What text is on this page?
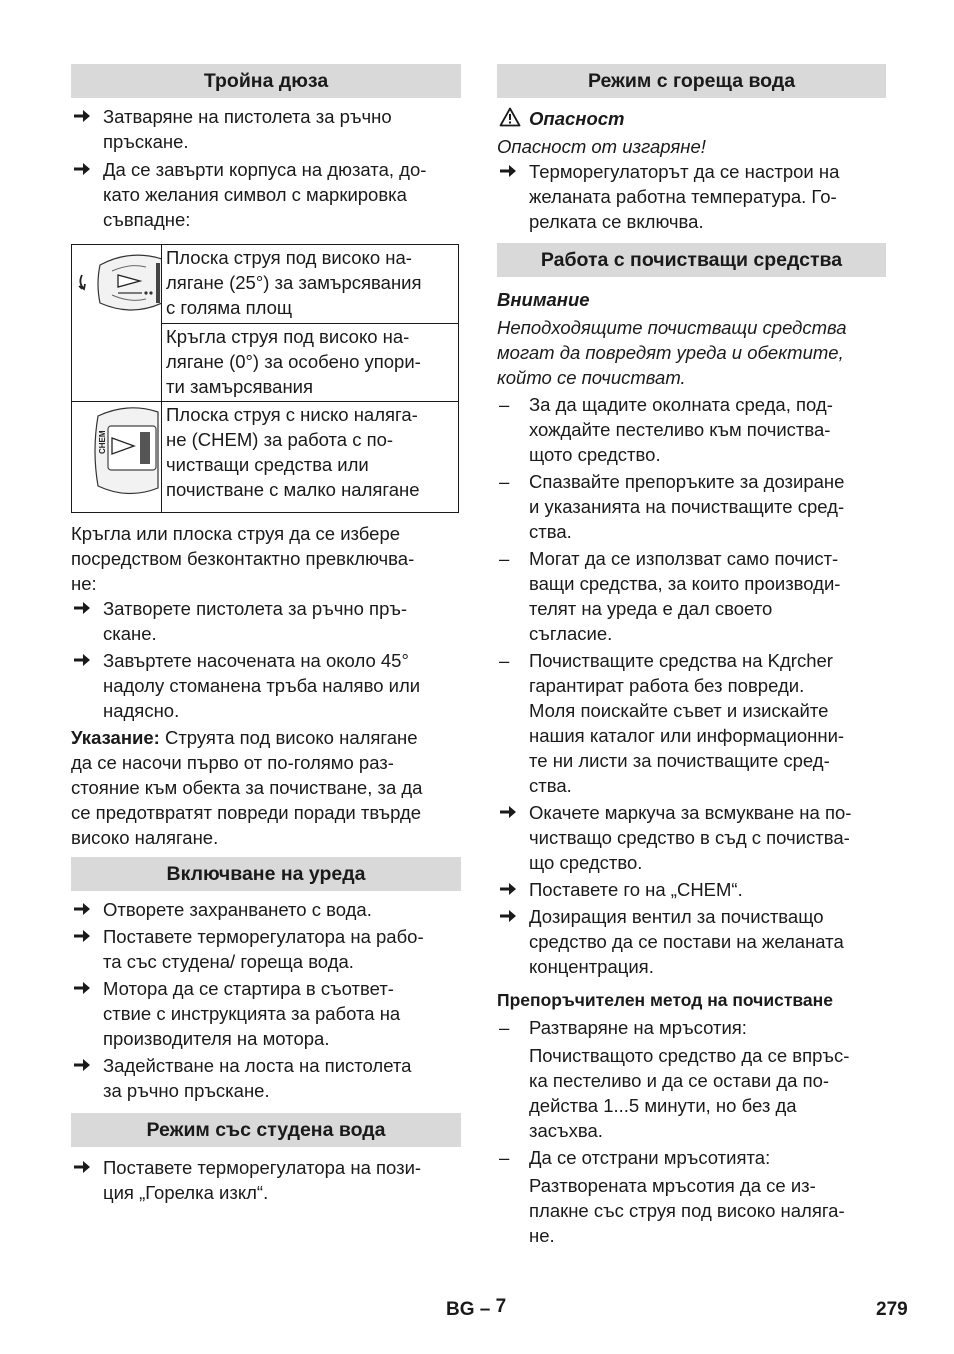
Тройна дюза
Затваряне на пистолета за ръчно
пръскане.
Да се завърти корпуса на дюзата, до-
като желания символ с маркировка
съвпадне:

Плоска струя под високо на-
лягане (25°) за замърсявания
с голяма площ

	Кръгла струя под високо на-
лягане (0°) за особено упори-
ти замърсявания

CHEM	Плоска струя с ниско наляга-
не (CHEM) за работа с по-
чистващи средства или
почистване с малко налягане
Кръгла или плоска струя да се избере
посредством безконтактно превключва-
не:
Затворете пистолета за ръчно пръ-
скане.
Завъртете насочената на около 45°
надолу стоманена тръба наляво или
надясно.
Указание: Струята под високо налягане
да се насочи първо от по-голямо раз-
стояние към обекта за почистване, за да
се предотвратят повреди поради твърде
високо налягане.
Включване на уреда
Отворете захранването с вода.
Поставете терморегулатора на рабо-
та със студена/ гореща вода.
Мотора да се стартира в съответ-
ствие с инструкцията за работа на
производителя на мотора.
Задействане на лоста на пистолета
за ръчно пръскане.
Режим със студена вода
Поставете терморегулатора на пози-
ция „Горелка изкл“.
Режим с гореща вода
Опасност
Опасност от изгаряне!
Терморегулаторът да се настрои на
желаната работна температура. Го-
релката се включва.
Работа с почистващи средства
Внимание
Неподходящите почистващи средства
могат да повредят уреда и обектите,
който се почистват.
– За да щадите околната среда, под-
хождайте пестеливо към почиства-
щото средство.
– Спазвайте препоръките за дозиране
и указанията на почистващите сред-
ства.
– Могат да се използват само почист-
ващи средства, за които производи-
телят на уреда е дал своето
съгласие.
– Почистващите средства на Kдrcher
гарантират работа без повреди.
Моля поискайте съвет и изискайте
нашия каталог или информационни-
те ни листи за почистващите сред-
ства.
Окачете маркуча за всмукване на по-
чистващо средство в съд с почиства-
що средство.
Поставете го на „CHEM“.
Дозиращия вентил за почистващо
средство да се постави на желаната
концентрация.
Препоръчителен метод на почистване
– Разтваряне на мръсотия:
Почистващото средство да се впръс-
ка пестеливо и да се остави да по-
действа 1...5 минути, но без да
засъхва.
– Да се отстрани мръсотията:
Разтворената мръсотия да се из-
плакне със струя под високо наляга-
не.
BG – 7	279
